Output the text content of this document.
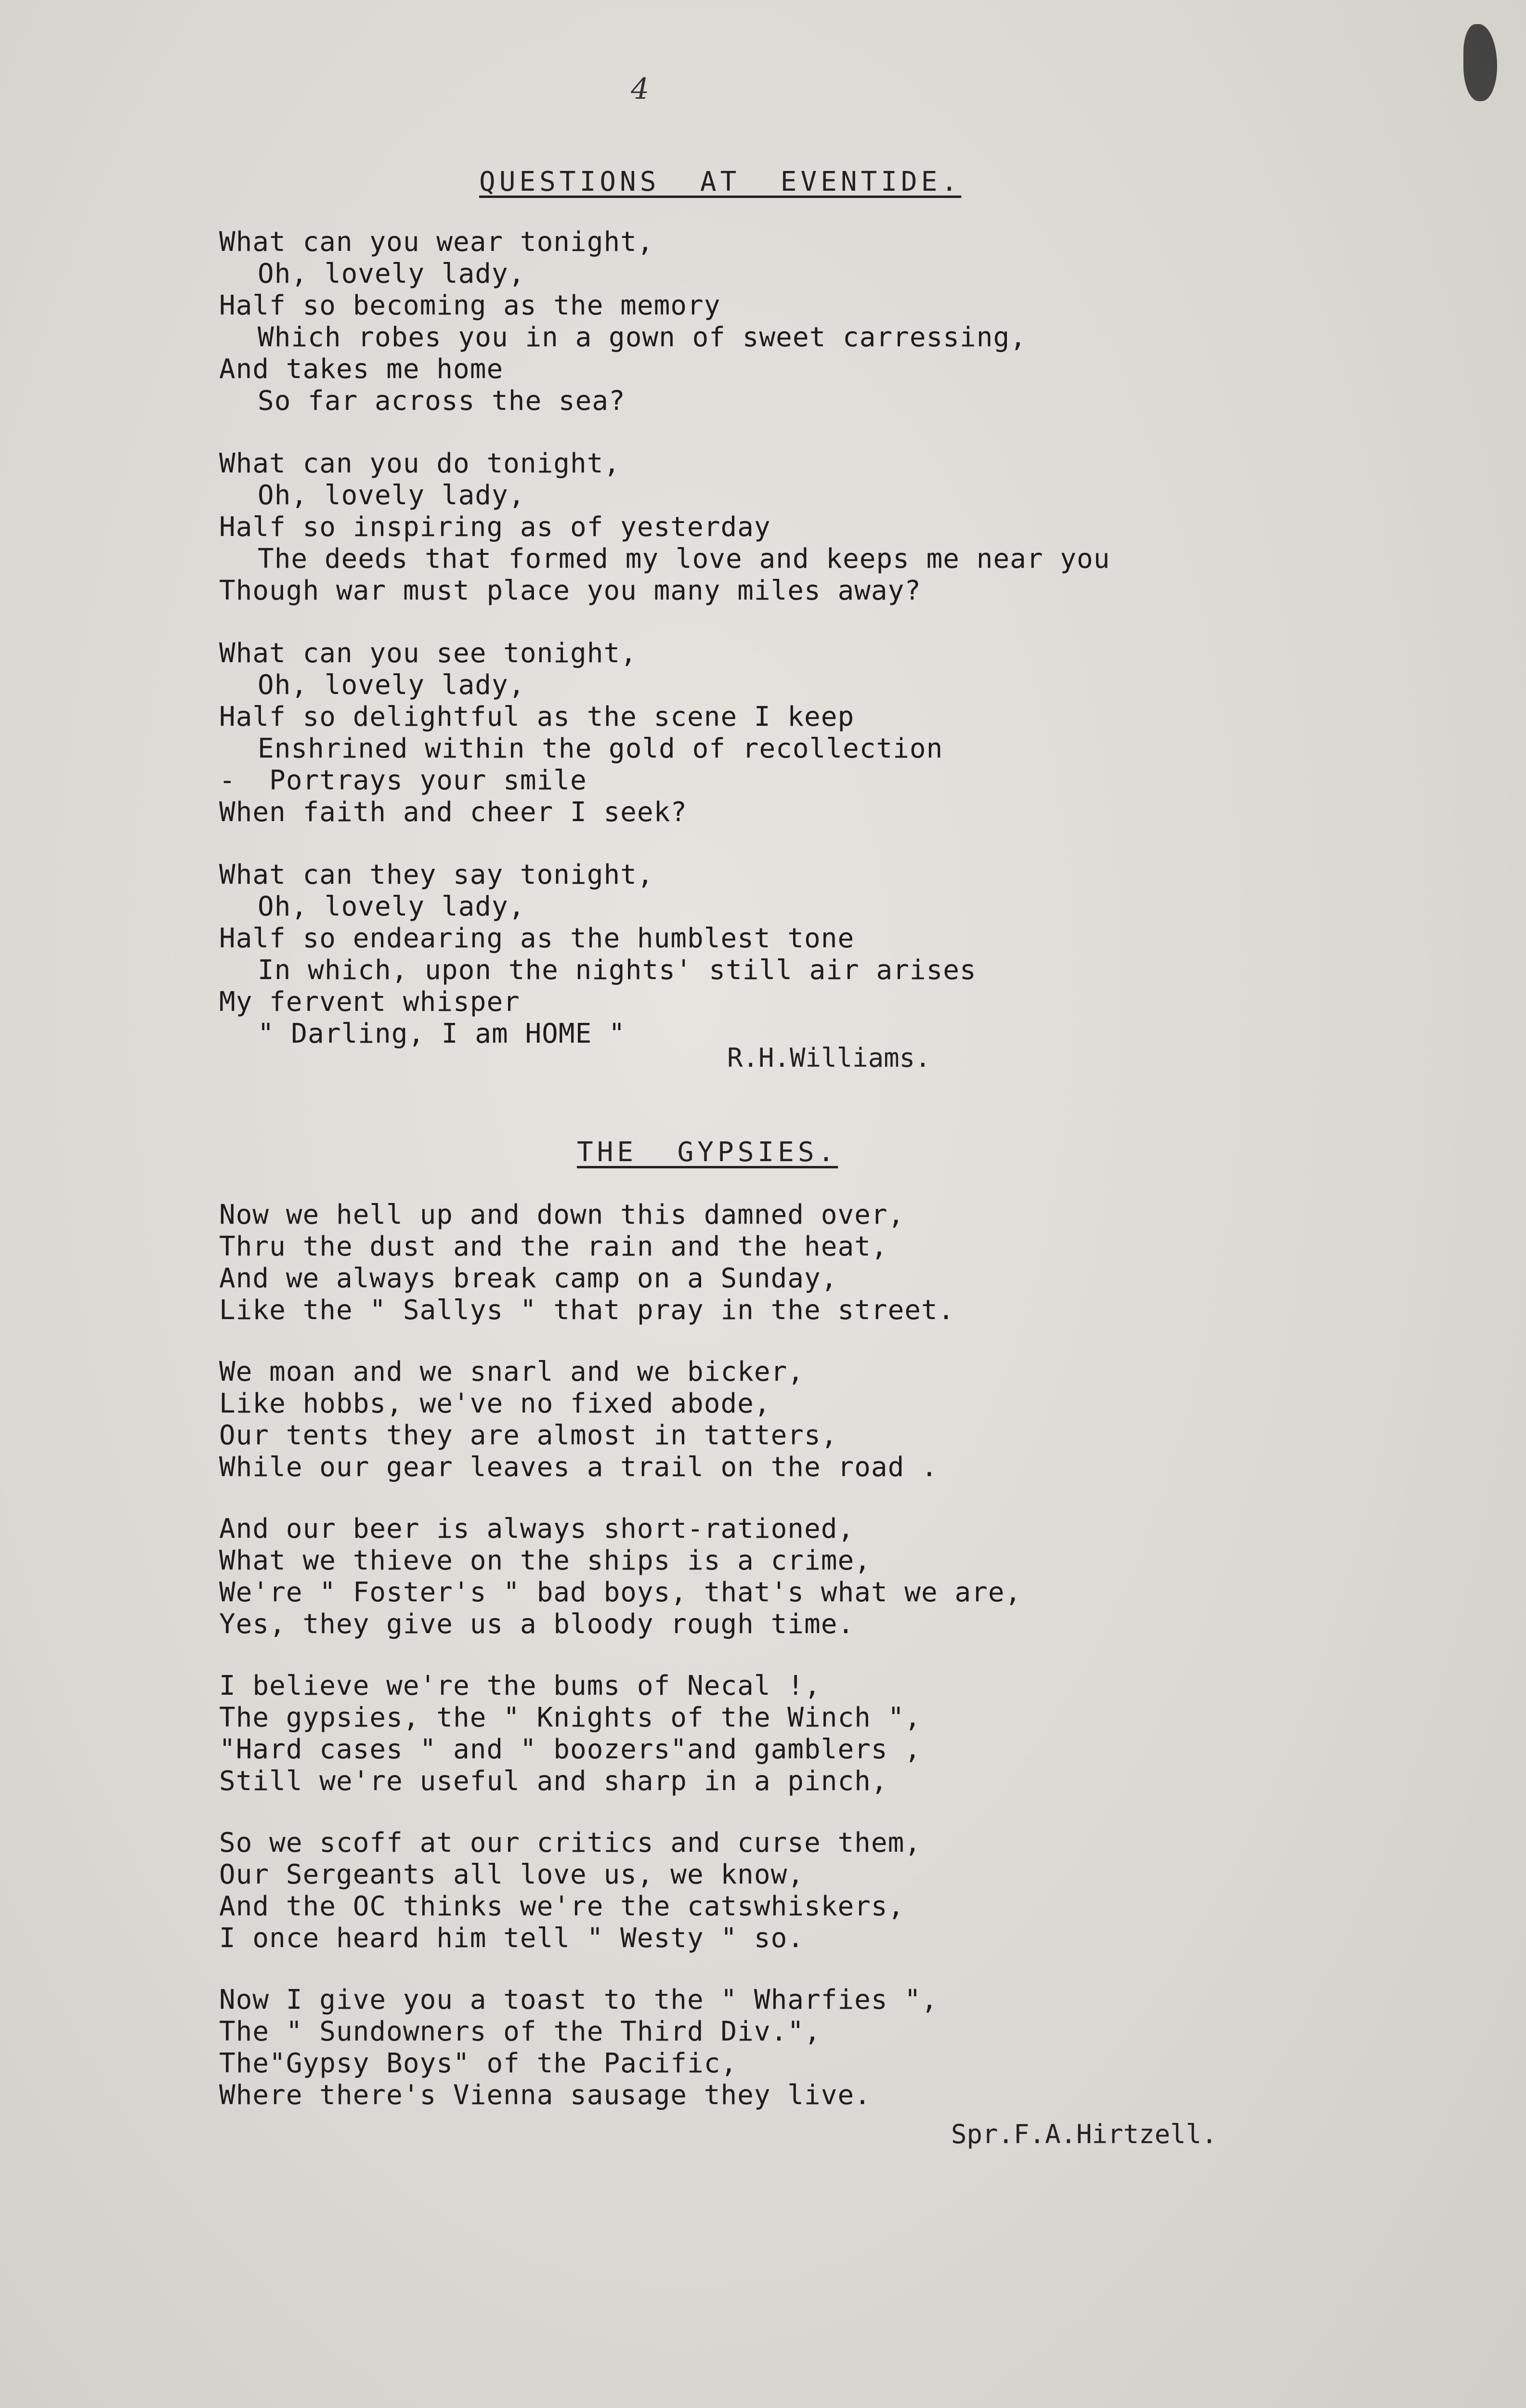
4
QUESTIONS  AT  EVENTIDE.
What can you wear tonight,
Oh, lovely lady,
Half so becoming as the memory
Which robes you in a gown of sweet carressing,
And takes me home
So far across the sea?
What can you do tonight,
Oh, lovely lady,
Half so inspiring as of yesterday
The deeds that formed my love and keeps me near you
Though war must place you many miles away?
What can you see tonight,
Oh, lovely lady,
Half so delightful as the scene I keep
Enshrined within the gold of recollection
-  Portrays your smile
When faith and cheer I seek?
What can they say tonight,
Oh, lovely lady,
Half so endearing as the humblest tone
In which, upon the nights' still air arises
My fervent whisper
" Darling, I am HOME "
R.H.Williams.
THE  GYPSIES.
Now we hell up and down this damned over,
Thru the dust and the rain and the heat,
And we always break camp on a Sunday,
Like the " Sallys " that pray in the street.
We moan and we snarl and we bicker,
Like hobbs, we've no fixed abode,
Our tents they are almost in tatters,
While our gear leaves a trail on the road .
And our beer is always short-rationed,
What we thieve on the ships is a crime,
We're " Foster's " bad boys, that's what we are,
Yes, they give us a bloody rough time.
I believe we're the bums of Necal !,
The gypsies, the " Knights of the Winch ",
"Hard cases " and " boozers"and gamblers ,
Still we're useful and sharp in a pinch,
So we scoff at our critics and curse them,
Our Sergeants all love us, we know,
And the OC thinks we're the catswhiskers,
I once heard him tell " Westy " so.
Now I give you a toast to the " Wharfies ",
The " Sundowners of the Third Div.",
The"Gypsy Boys" of the Pacific,
Where there's Vienna sausage they live.
Spr.F.A.Hirtzell.
